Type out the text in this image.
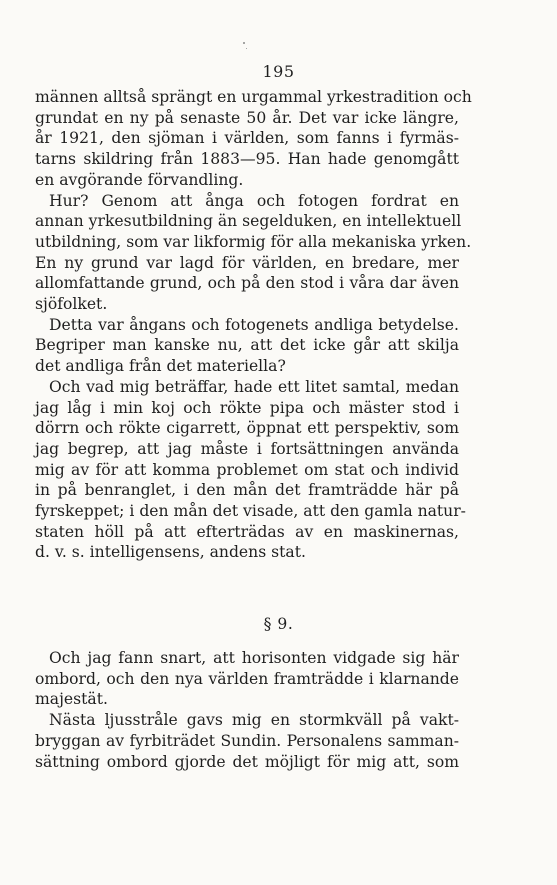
195
männen alltså sprängt en urgammal yrkestradition och
grundat en ny på senaste 50 år. Det var icke längre,
år 1921, den sjöman i världen, som fanns i fyrmäs-
tarns skildring från 1883—95. Han hade genomgått
en avgörande förvandling.
Hur? Genom att ånga och fotogen fordrat en
annan yrkesutbildning än segelduken, en intellektuell
utbildning, som var likformig för alla mekaniska yrken.
En ny grund var lagd för världen, en bredare, mer
allomfattande grund, och på den stod i våra dar även
sjöfolket.
Detta var ångans och fotogenets andliga betydelse.
Begriper man kanske nu, att det icke går att skilja
det andliga från det materiella?
Och vad mig beträffar, hade ett litet samtal, medan
jag låg i min koj och rökte pipa och mäster stod i
dörrn och rökte cigarrett, öppnat ett perspektiv, som
jag begrep, att jag måste i fortsättningen använda
mig av för att komma problemet om stat och individ
in på benranglet, i den mån det framträdde här på
fyrskeppet; i den mån det visade, att den gamla natur-
staten höll på att efterträdas av en maskinernas,
d. v. s. intelligensens, andens stat.
§ 9.
Och jag fann snart, att horisonten vidgade sig här
ombord, och den nya världen framträdde i klarnande
majestät.
Nästa ljusstråle gavs mig en stormkväll på vakt-
bryggan av fyrbiträdet Sundin. Personalens samman-
sättning ombord gjorde det möjligt för mig att, som
